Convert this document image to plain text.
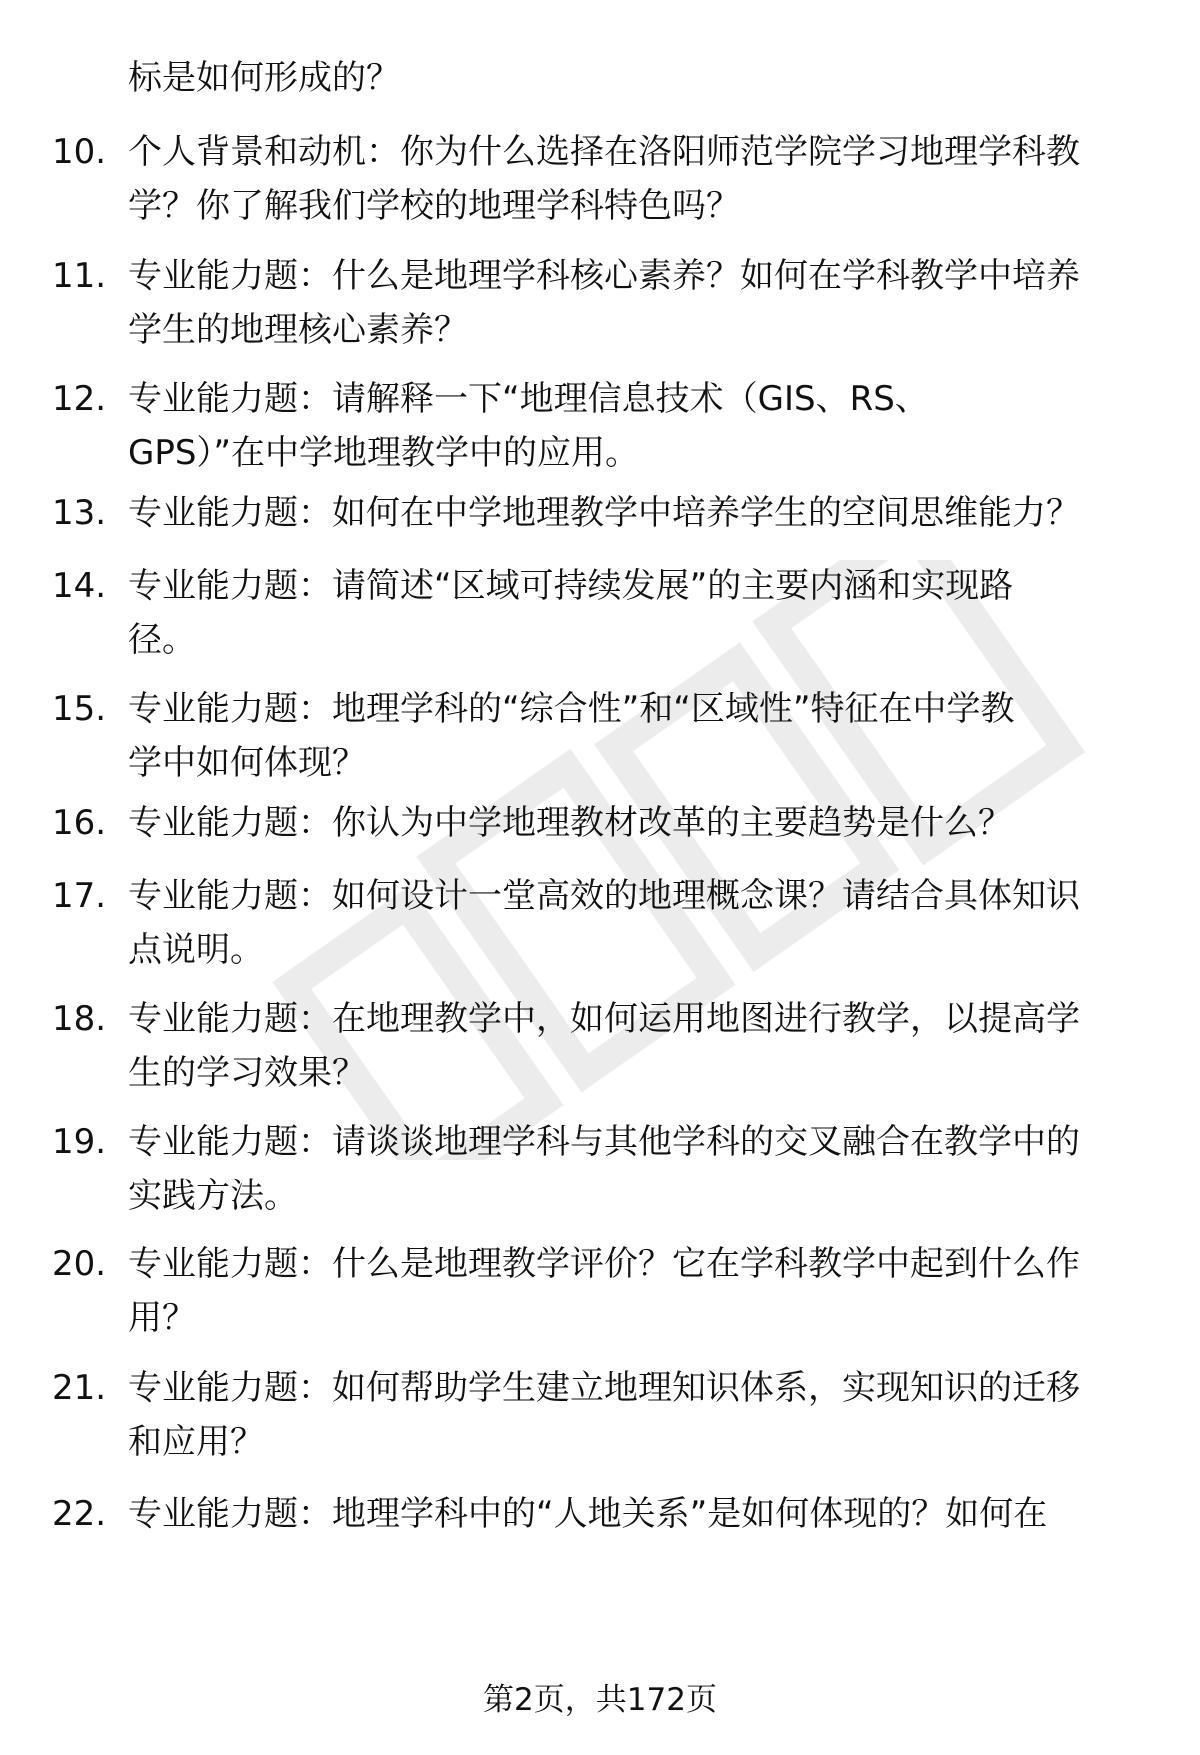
标是如何形成的？
10. 个人背景和动机：你为什么选择在洛阳师范学院学习地理学科教
学？你了解我们学校的地理学科特色吗？
11. 专业能力题：什么是地理学科核心素养？如何在学科教学中培养
学生的地理核心素养？
12. 专业能力题：请解释一下“地理信息技术（GIS、RS、
GPS）”在中学地理教学中的应用。
13. 专业能力题：如何在中学地理教学中培养学生的空间思维能力？
14. 专业能力题：请简述“区域可持续发展”的主要内涵和实现路
径。
15. 专业能力题：地理学科的“综合性”和“区域性”特征在中学教
学中如何体现？
16. 专业能力题：你认为中学地理教材改革的主要趋势是什么？
17. 专业能力题：如何设计一堂高效的地理概念课？请结合具体知识
点说明。
18. 专业能力题：在地理教学中，如何运用地图进行教学，以提高学
生的学习效果？
19. 专业能力题：请谈谈地理学科与其他学科的交叉融合在教学中的
实践方法。
20. 专业能力题：什么是地理教学评价？它在学科教学中起到什么作
用？
21. 专业能力题：如何帮助学生建立地理知识体系，实现知识的迁移
和应用？
22. 专业能力题：地理学科中的“人地关系”是如何体现的？如何在
第2页，共172页
